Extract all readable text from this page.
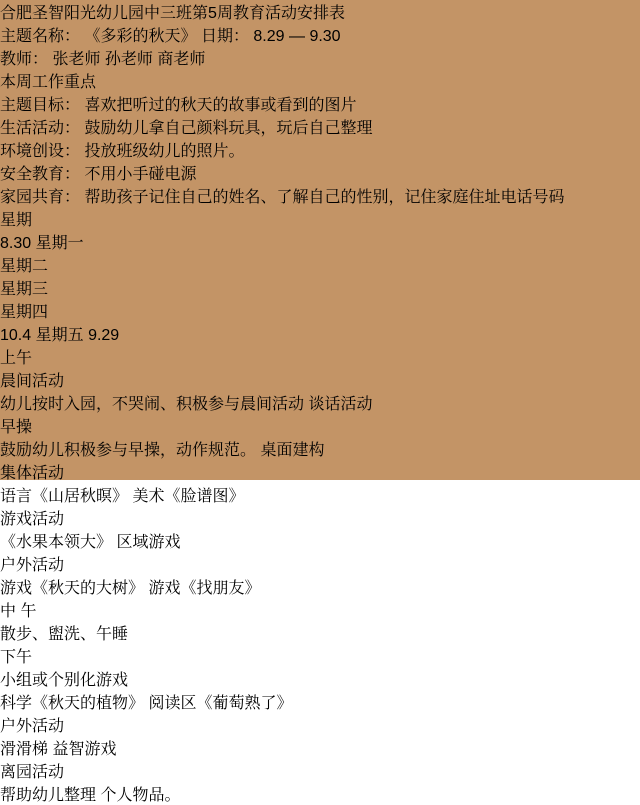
合肥圣智阳光幼儿园中三班第5周教育活动安排表
主题名称： 《多彩的秋天》 日期： 8.29 — 9.30
教师： 张老师 孙老师 商老师
本周工作重点
主题目标： 喜欢把听过的秋天的故事或看到的图片
生活活动： 鼓励幼儿拿自己颜料玩具，玩后自己整理
环境创设： 投放班级幼儿的照片。
安全教育： 不用小手碰电源
家园共育： 帮助孩子记住自己的姓名、了解自己的性别，记住家庭住址电话号码
星期
8.30 星期一
星期二
星期三
星期四
10.4 星期五 9.29
上午
晨间活动
幼儿按时入园，不哭闹、积极参与晨间活动 谈话活动
早操
鼓励幼儿积极参与早操，动作规范。 桌面建构
集体活动
语言《山居秋暝》 美术《脸谱图》
游戏活动
《水果本领大》 区域游戏
户外活动
游戏《秋天的大树》 游戏《找朋友》
中 午
散步、盥洗、午睡
下午
小组或个别化游戏
科学《秋天的植物》 阅读区《葡萄熟了》
户外活动
滑滑梯 益智游戏
离园活动
帮助幼儿整理 个人物品。
